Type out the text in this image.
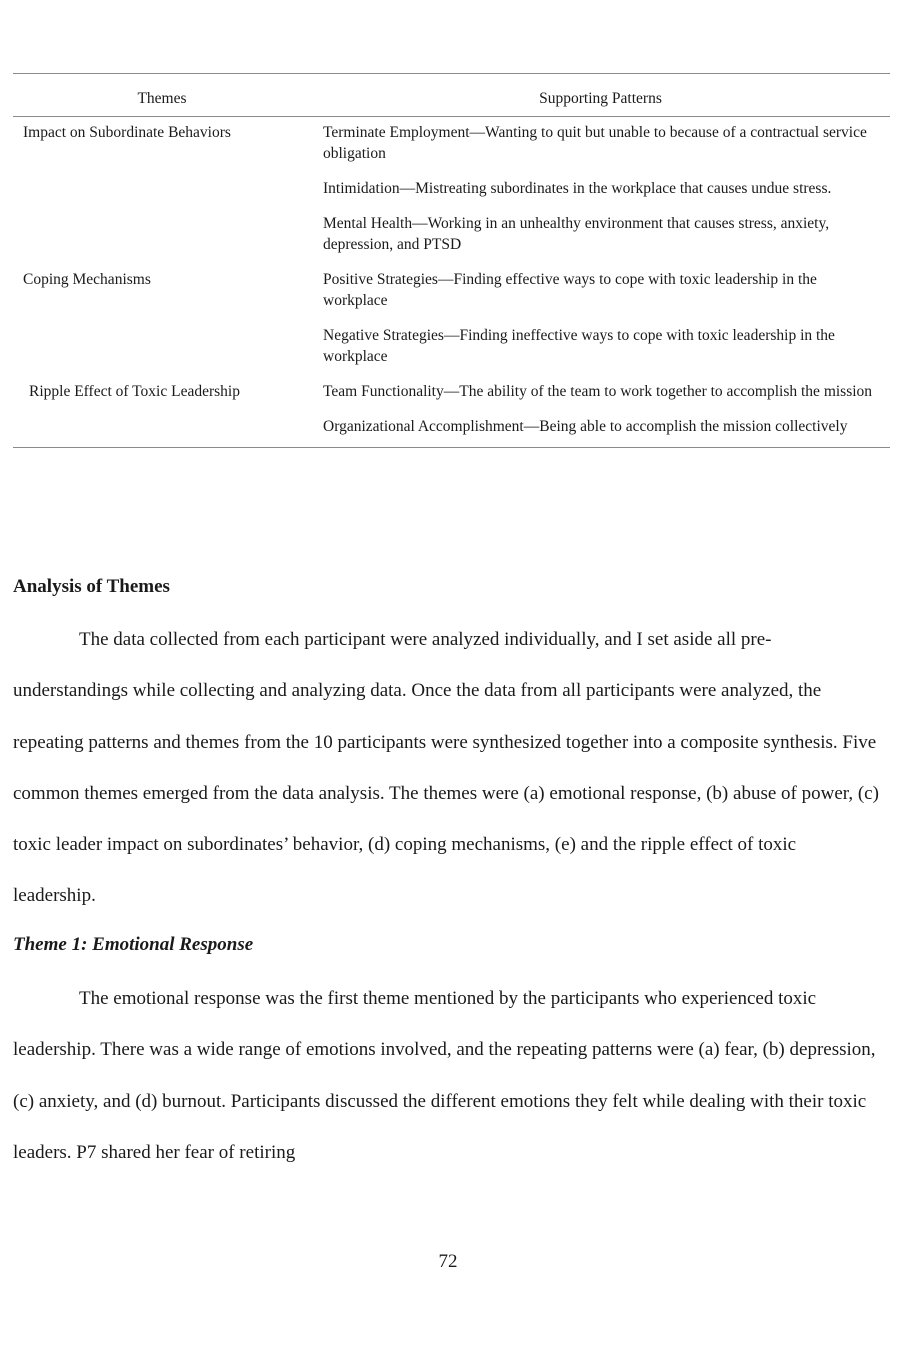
Themes	Supporting Patterns
Impact on Subordinate Behaviors	Terminate Employment—Wanting to quit but unable to because of a contractual service obligation
	Intimidation—Mistreating subordinates in the workplace that causes undue stress.
	Mental Health—Working in an unhealthy environment that causes stress, anxiety, depression, and PTSD
Coping Mechanisms	Positive Strategies—Finding effective ways to cope with toxic leadership in the workplace
	Negative Strategies—Finding ineffective ways to cope with toxic leadership in the workplace
Ripple Effect of Toxic Leadership	Team Functionality—The ability of the team to work together to accomplish the mission
	Organizational Accomplishment—Being able to accomplish the mission collectively
Analysis of Themes

The data collected from each participant were analyzed individually, and I set aside all pre-understandings while collecting and analyzing data. Once the data from all participants were analyzed, the repeating patterns and themes from the 10 participants were synthesized together into a composite synthesis. Five common themes emerged from the data analysis. The themes were (a) emotional response, (b) abuse of power, (c) toxic leader impact on subordinates’ behavior, (d) coping mechanisms, (e) and the ripple effect of toxic leadership.

Theme 1: Emotional Response

The emotional response was the first theme mentioned by the participants who experienced toxic leadership. There was a wide range of emotions involved, and the repeating patterns were (a) fear, (b) depression, (c) anxiety, and (d) burnout. Participants discussed the different emotions they felt while dealing with their toxic leaders. P7 shared her fear of retiring

72
